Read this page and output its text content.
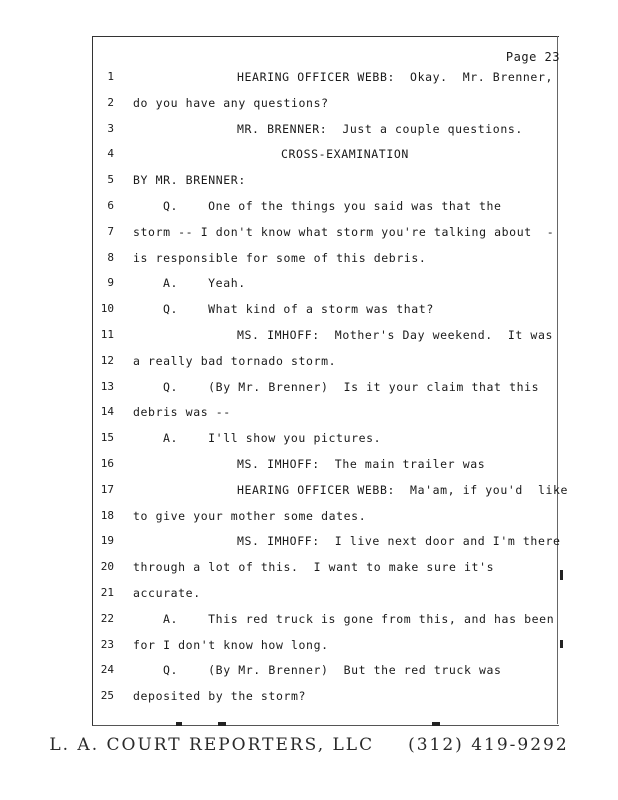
Page 23
1	HEARING OFFICER WEBB:  Okay.  Mr. Brenner,
2 do you have any questions?
3	MR. BRENNER:  Just a couple questions.
4	CROSS-EXAMINATION
5 BY MR. BRENNER:
6	Q.    One of the things you said was that the
7 storm -- I don't know what storm you're talking about  -
8 is responsible for some of this debris.
9	A.    Yeah.
10	Q.    What kind of a storm was that?
11	MS. IMHOFF:  Mother's Day weekend.  It was
12 a really bad tornado storm.
13	Q.    (By Mr. Brenner)  Is it your claim that this
14 debris was --
15	A.    I'll show you pictures.
16	MS. IMHOFF:  The main trailer was
17	HEARING OFFICER WEBB:  Ma'am, if you'd  like
18 to give your mother some dates.
19	MS. IMHOFF:  I live next door and I'm there
20 through a lot of this.  I want to make sure it's
21 accurate.
22	A.    This red truck is gone from this, and has been
23 for I don't know how long.
24	Q.    (By Mr. Brenner)  But the red truck was
25 deposited by the storm?
L. A. COURT REPORTERS, LLC (312) 419-9292
